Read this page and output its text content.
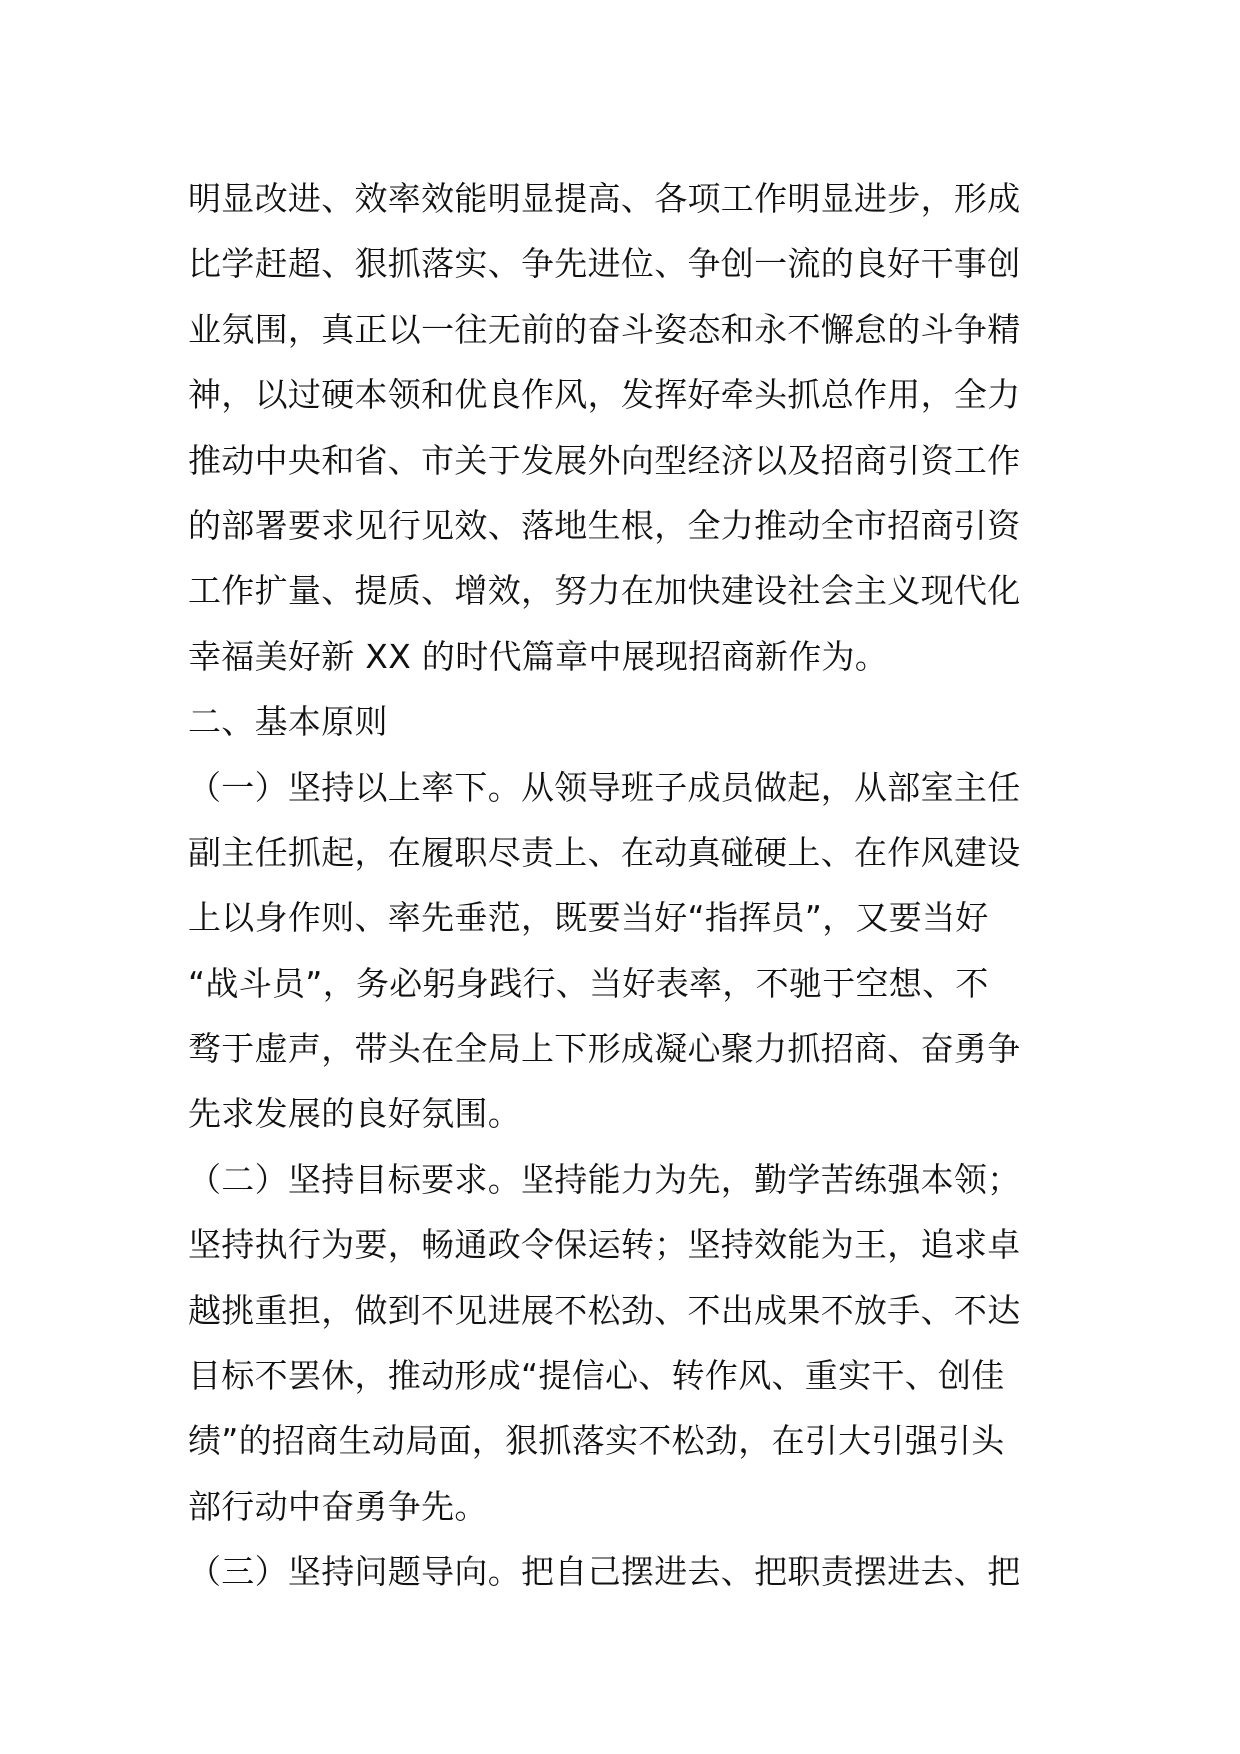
明显改进、效率效能明显提高、各项工作明显进步，形成
比学赶超、狠抓落实、争先进位、争创一流的良好干事创
业氛围，真正以一往无前的奋斗姿态和永不懈怠的斗争精
神，以过硬本领和优良作风，发挥好牵头抓总作用，全力
推动中央和省、市关于发展外向型经济以及招商引资工作
的部署要求见行见效、落地生根，全力推动全市招商引资
工作扩量、提质、增效，努力在加快建设社会主义现代化
幸福美好新 XX 的时代篇章中展现招商新作为。
二、基本原则
（一）坚持以上率下。从领导班子成员做起，从部室主任
副主任抓起，在履职尽责上、在动真碰硬上、在作风建设
上以身作则、率先垂范，既要当好“指挥员”，又要当好
“战斗员”，务必躬身践行、当好表率，不驰于空想、不
骛于虚声，带头在全局上下形成凝心聚力抓招商、奋勇争
先求发展的良好氛围。
（二）坚持目标要求。坚持能力为先，勤学苦练强本领；
坚持执行为要，畅通政令保运转；坚持效能为王，追求卓
越挑重担，做到不见进展不松劲、不出成果不放手、不达
目标不罢休，推动形成“提信心、转作风、重实干、创佳
绩”的招商生动局面，狠抓落实不松劲，在引大引强引头
部行动中奋勇争先。
（三）坚持问题导向。把自己摆进去、把职责摆进去、把
